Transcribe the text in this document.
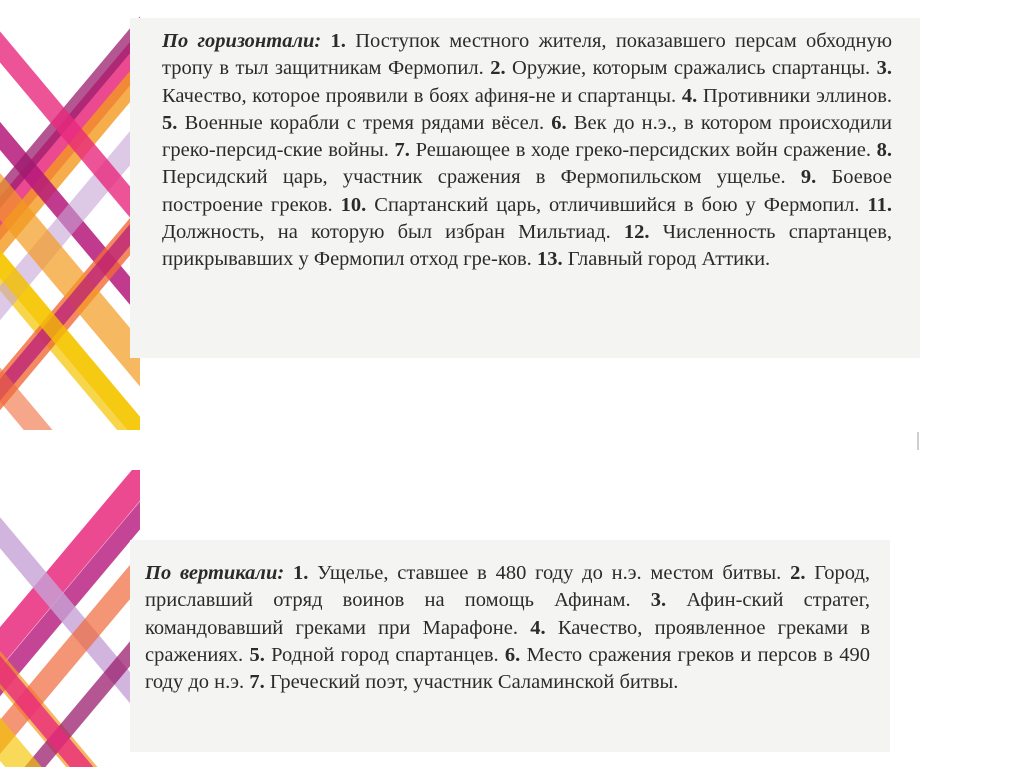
По горизонтали: 1. Поступок местного жителя, показавшего персам обходную тропу в тыл защитникам Фермопил. 2. Оружие, которым сражались спартанцы. 3. Качество, которое проявили в боях афиня-не и спартанцы. 4. Противники эллинов. 5. Военные корабли с тремя рядами вёсел. 6. Век до н.э., в котором происходили греко-персид-ские войны. 7. Решающее в ходе греко-персидских войн сражение. 8. Персидский царь, участник сражения в Фермопильском ущелье. 9. Боевое построение греков. 10. Спартанский царь, отличившийся в бою у Фермопил. 11. Должность, на которую был избран Мильтиад. 12. Численность спартанцев, прикрывавших у Фермопил отход гре-ков. 13. Главный город Аттики.
По вертикали: 1. Ущелье, ставшее в 480 году до н.э. местом битвы. 2. Город, приславший отряд воинов на помощь Афинам. 3. Афин-ский стратег, командовавший греками при Марафоне. 4. Качество, проявленное греками в сражениях. 5. Родной город спартанцев. 6. Место сражения греков и персов в 490 году до н.э. 7. Греческий поэт, участник Саламинской битвы.
